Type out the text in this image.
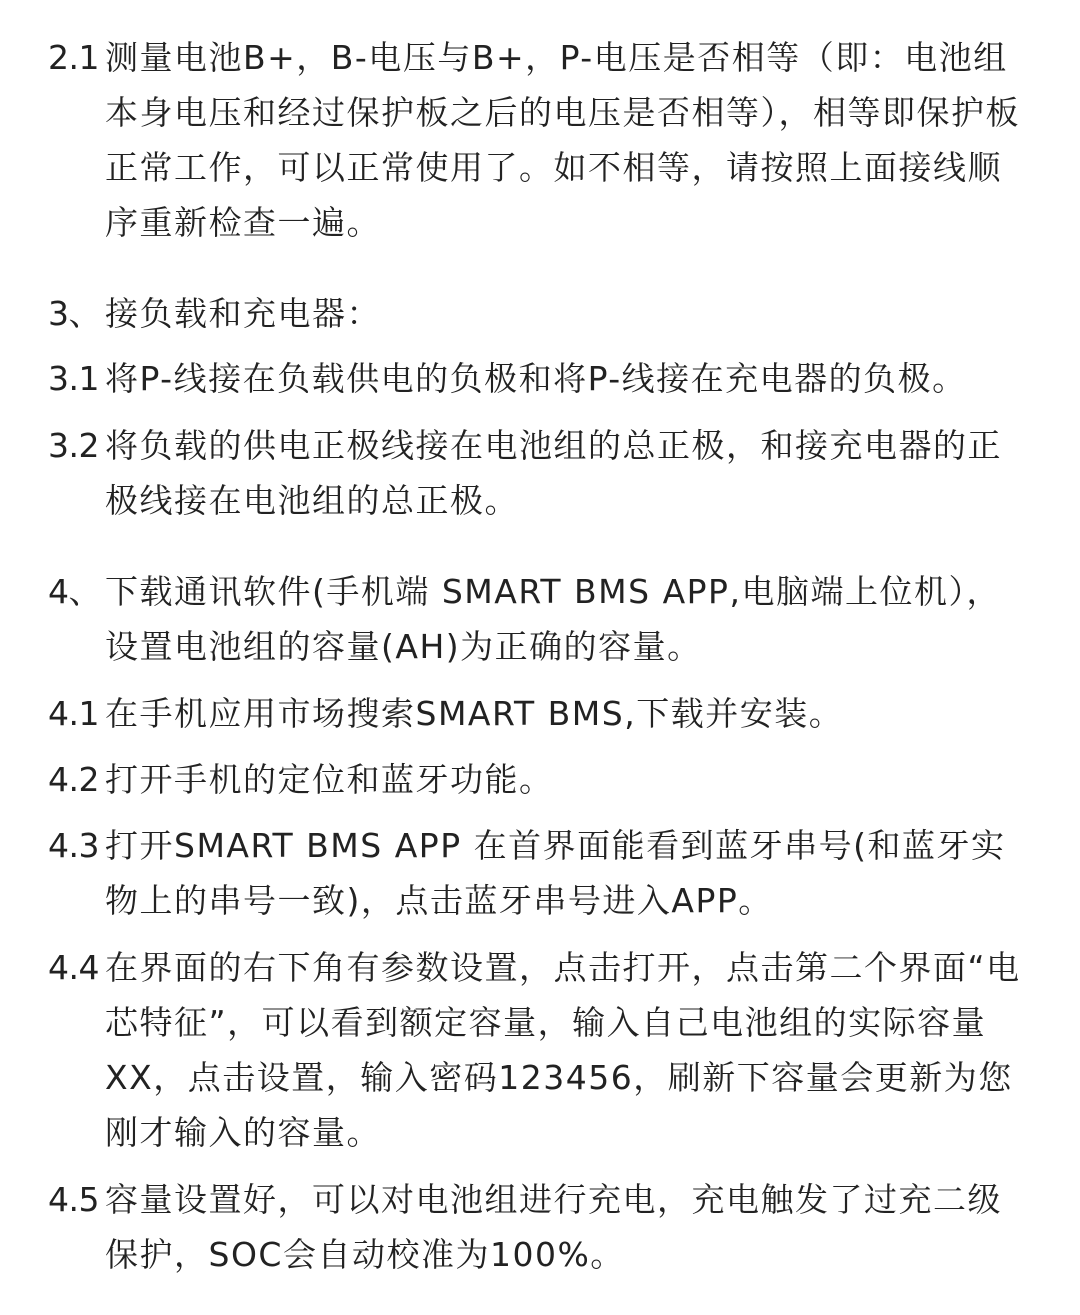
2.1 测量电池B+，B-电压与B+，P-电压是否相等（即：电池组本身电压和经过保护板之后的电压是否相等），相等即保护板正常工作，可以正常使用了。如不相等，请按照上面接线顺序重新检查一遍。
3、 接负载和充电器：
3.1 将P-线接在负载供电的负极和将P-线接在充电器的负极。
3.2 将负载的供电正极线接在电池组的总正极，和接充电器的正极线接在电池组的总正极。
4、 下载通讯软件(手机端 SMART BMS APP,电脑端上位机），设置电池组的容量(AH)为正确的容量。
4.1 在手机应用市场搜索SMART BMS,下载并安装。
4.2 打开手机的定位和蓝牙功能。
4.3 打开SMART BMS APP 在首界面能看到蓝牙串号(和蓝牙实物上的串号一致)，点击蓝牙串号进入APP。
4.4 在界面的右下角有参数设置，点击打开，点击第二个界面“电芯特征”，可以看到额定容量，输入自己电池组的实际容量XX，点击设置，输入密码123456，刷新下容量会更新为您刚才输入的容量。
4.5 容量设置好，可以对电池组进行充电，充电触发了过充二级保护，SOC会自动校准为100%。
